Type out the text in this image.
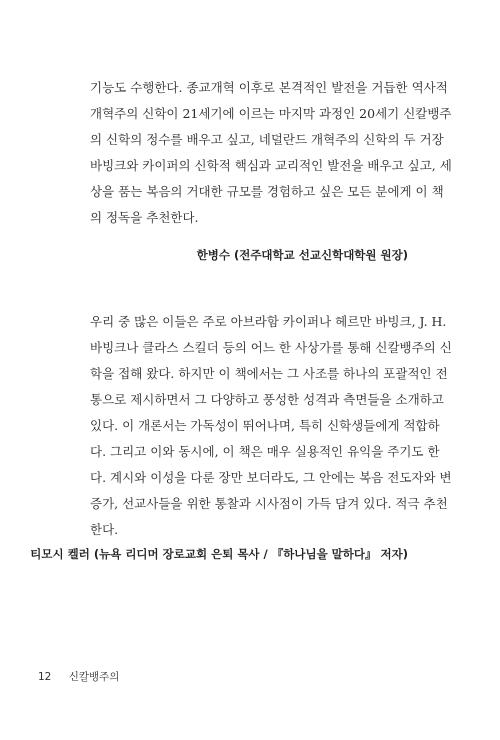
기능도 수행한다. 종교개혁 이후로 본격적인 발전을 거듭한 역사적
개혁주의 신학이 21세기에 이르는 마지막 과정인 20세기 신칼뱅주
의 신학의 정수를 배우고 싶고, 네덜란드 개혁주의 신학의 두 거장
바빙크와 카이퍼의 신학적 핵심과 교리적인 발전을 배우고 싶고, 세
상을 품는 복음의 거대한 규모를 경험하고 싶은 모든 분에게 이 책
의 정독을 추천한다.
한병수 (전주대학교 선교신학대학원 원장)
우리 중 많은 이들은 주로 아브라함 카이퍼나 헤르만 바빙크, J. H.
바빙크나 클라스 스킬더 등의 어느 한 사상가를 통해 신칼뱅주의 신
학을 접해 왔다. 하지만 이 책에서는 그 사조를 하나의 포괄적인 전
통으로 제시하면서 그 다양하고 풍성한 성격과 측면들을 소개하고
있다. 이 개론서는 가독성이 뛰어나며, 특히 신학생들에게 적합하
다. 그리고 이와 동시에, 이 책은 매우 실용적인 유익을 주기도 한
다. 계시와 이성을 다룬 장만 보더라도, 그 안에는 복음 전도자와 변
증가, 선교사들을 위한 통찰과 시사점이 가득 담겨 있다. 적극 추천
한다.
티모시 켈러 (뉴욕 리디머 장로교회 은퇴 목사 / 『하나님을 말하다』 저자)
12 신칼뱅주의
